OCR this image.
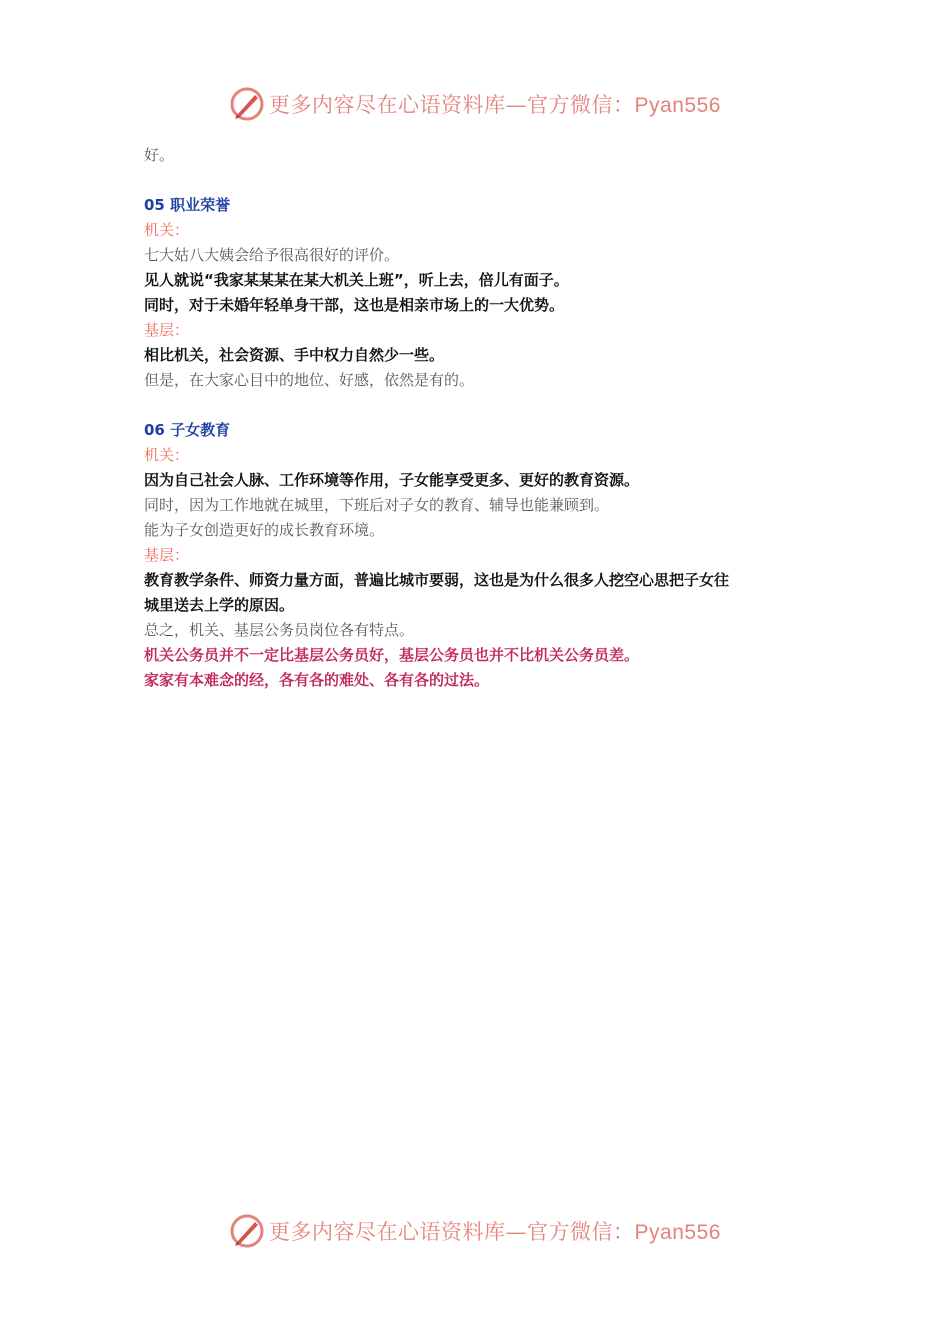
更多内容尽在心语资料库—官方微信：Pyan556
好。
05 职业荣誉
机关：
七大姑八大姨会给予很高很好的评价。
见人就说“我家某某某在某大机关上班”，听上去，倍儿有面子。
同时，对于未婚年轻单身干部，这也是相亲市场上的一大优势。
基层：
相比机关，社会资源、手中权力自然少一些。
但是，在大家心目中的地位、好感，依然是有的。
06 子女教育
机关：
因为自己社会人脉、工作环境等作用，子女能享受更多、更好的教育资源。
同时，因为工作地就在城里，下班后对子女的教育、辅导也能兼顾到。
能为子女创造更好的成长教育环境。
基层：
教育教学条件、师资力量方面，普遍比城市要弱，这也是为什么很多人挖空心思把子女往
城里送去上学的原因。
总之，机关、基层公务员岗位各有特点。
机关公务员并不一定比基层公务员好，基层公务员也并不比机关公务员差。
家家有本难念的经，各有各的难处、各有各的过法。
更多内容尽在心语资料库—官方微信：Pyan556
